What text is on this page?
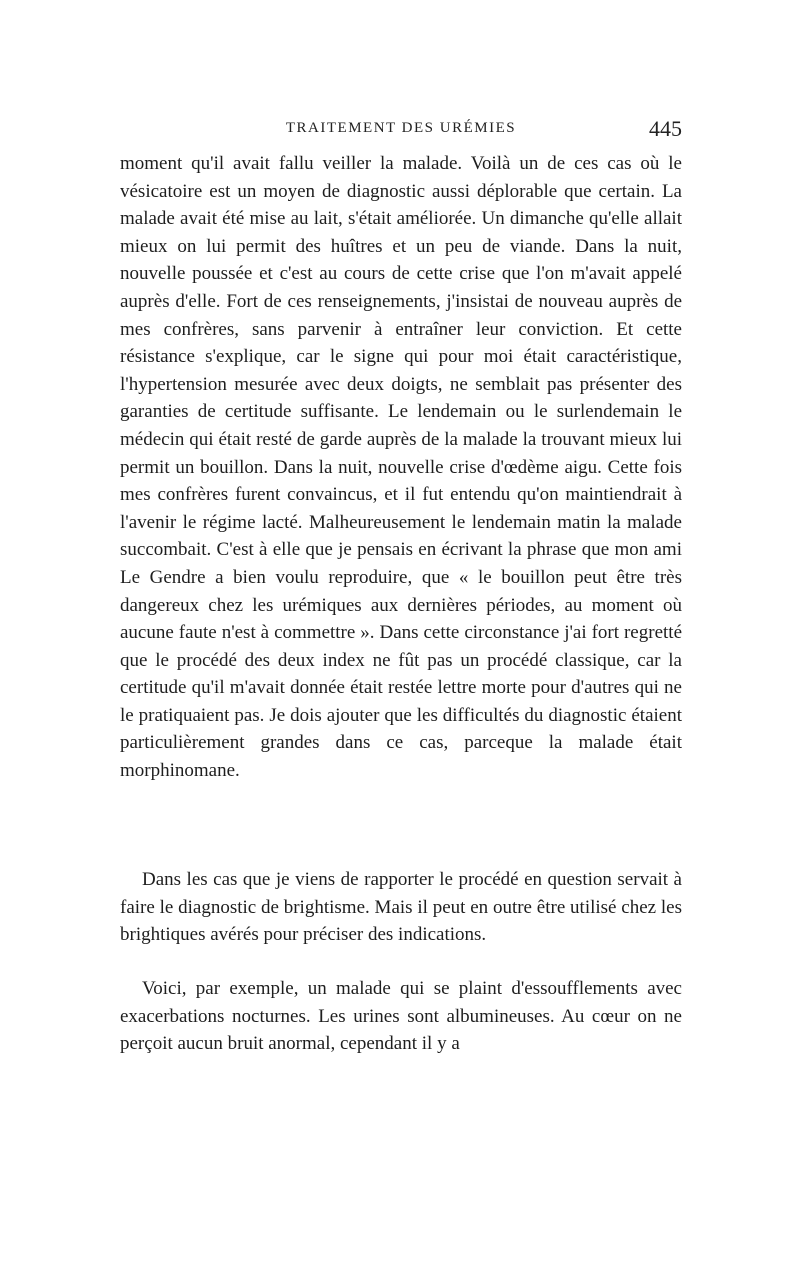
TRAITEMENT DES URÉMIES	445

moment qu'il avait fallu veiller la malade. Voilà un de ces cas où le vésicatoire est un moyen de diagnostic aussi déplorable que certain. La malade avait été mise au lait, s'était améliorée. Un dimanche qu'elle allait mieux on lui permit des huîtres et un peu de viande. Dans la nuit, nouvelle poussée et c'est au cours de cette crise que l'on m'avait appelé auprès d'elle. Fort de ces renseignements, j'insistai de nouveau auprès de mes confrères, sans parvenir à entraîner leur conviction. Et cette résistance s'explique, car le signe qui pour moi était caractéristique, l'hypertension mesurée avec deux doigts, ne semblait pas présenter des garanties de certitude suffisante. Le lendemain ou le surlendemain le médecin qui était resté de garde auprès de la malade la trouvant mieux lui permit un bouillon. Dans la nuit, nouvelle crise d'œdème aigu. Cette fois mes confrères furent convaincus, et il fut entendu qu'on maintiendrait à l'avenir le régime lacté. Malheureusement le lendemain matin la malade succombait. C'est à elle que je pensais en écrivant la phrase que mon ami Le Gendre a bien voulu reproduire, que « le bouillon peut être très dangereux chez les urémiques aux dernières périodes, au moment où aucune faute n'est à commettre ». Dans cette circonstance j'ai fort regretté que le procédé des deux index ne fût pas un procédé classique, car la certitude qu'il m'avait donnée était restée lettre morte pour d'autres qui ne le pratiquaient pas. Je dois ajouter que les difficultés du diagnostic étaient particulièrement grandes dans ce cas, parceque la malade était morphinomane.

Dans les cas que je viens de rapporter le procédé en question servait à faire le diagnostic de brightisme. Mais il peut en outre être utilisé chez les brightiques avérés pour préciser des indications.

Voici, par exemple, un malade qui se plaint d'essoufflements avec exacerbations nocturnes. Les urines sont albumineuses. Au cœur on ne perçoit aucun bruit anormal, cependant il y a
